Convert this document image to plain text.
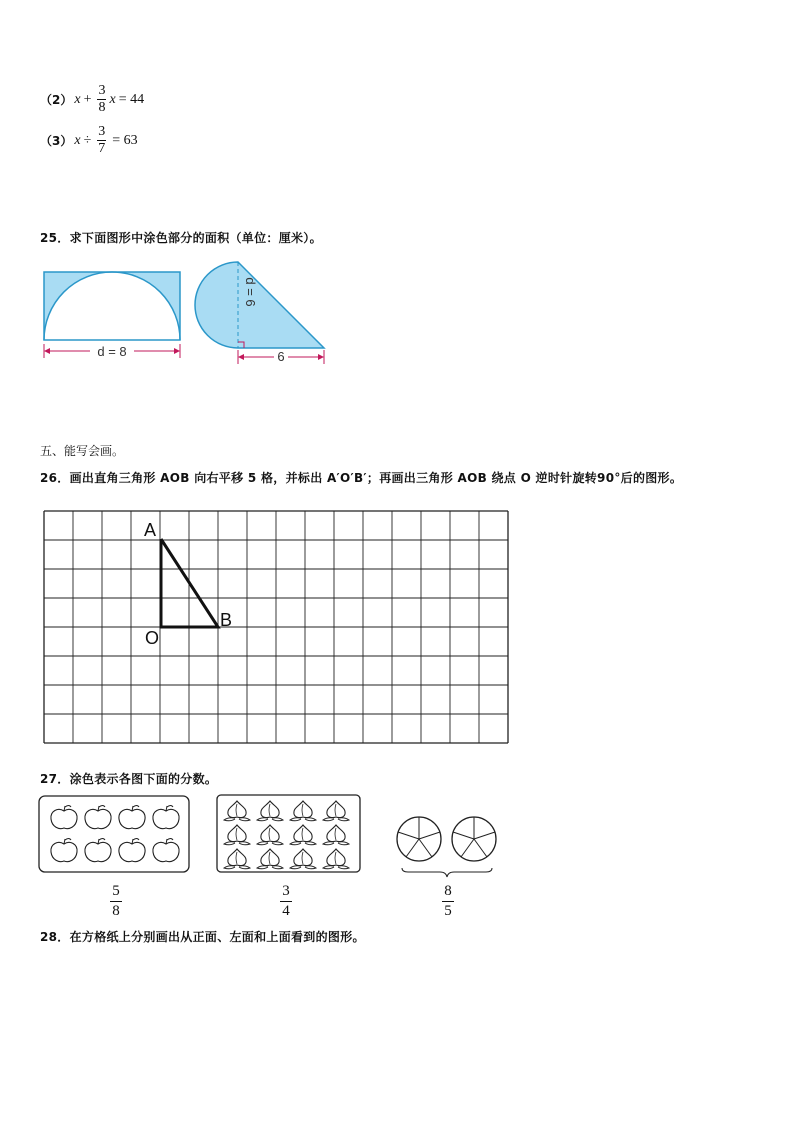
（2） $x + \frac{3}{8}$ x = 44
（3） $x \div \frac{3}{7} = 63$
25．求下面图形中涂色部分的面积（单位：厘米）。
d = 8
d = 6
6
五、能写会画。
26．画出直角三角形 AOB 向右平移 5 格，并标出 A′O′B′；再画出三角形 AOB 绕点 O 逆时针旋转90°后的图形。
A
O
B
27．涂色表示各图下面的分数。
5
8
3
4
8
5
28．在方格纸上分别画出从正面、左面和上面看到的图形。
